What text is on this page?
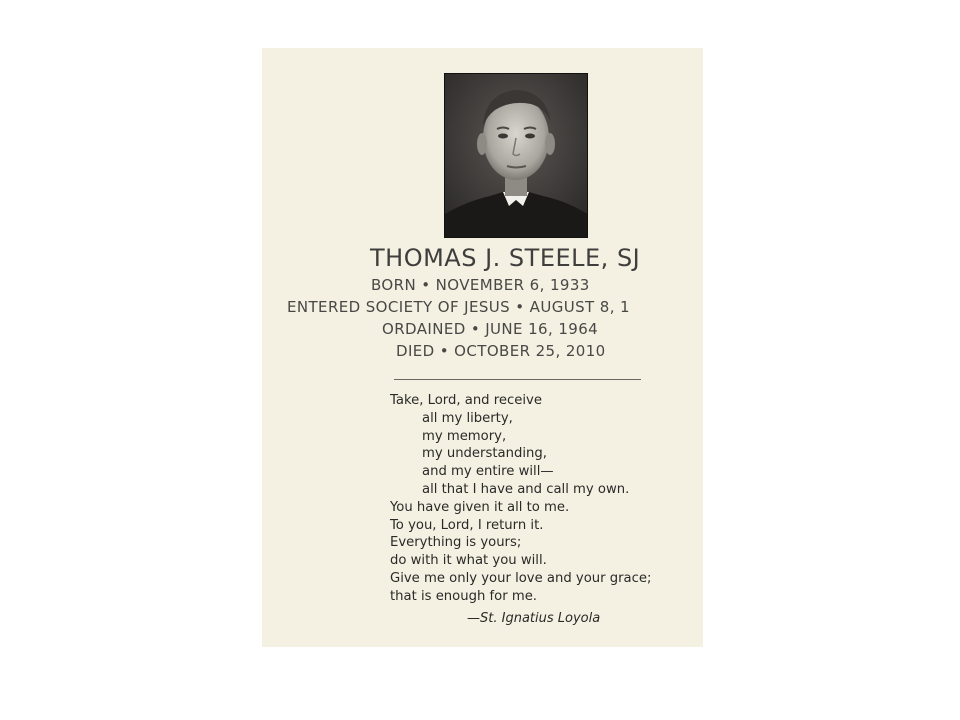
THOMAS J. STEELE, SJ
BORN • NOVEMBER 6, 1933
ENTERED SOCIETY OF JESUS • AUGUST 8, 1
ORDAINED • JUNE 16, 1964
DIED • OCTOBER 25, 2010
Take, Lord, and receive
all my liberty,
my memory,
my understanding,
and my entire will—
all that I have and call my own.
You have given it all to me.
To you, Lord, I return it.
Everything is yours;
do with it what you will.
Give me only your love and your grace;
that is enough for me.
—St. Ignatius Loyola
